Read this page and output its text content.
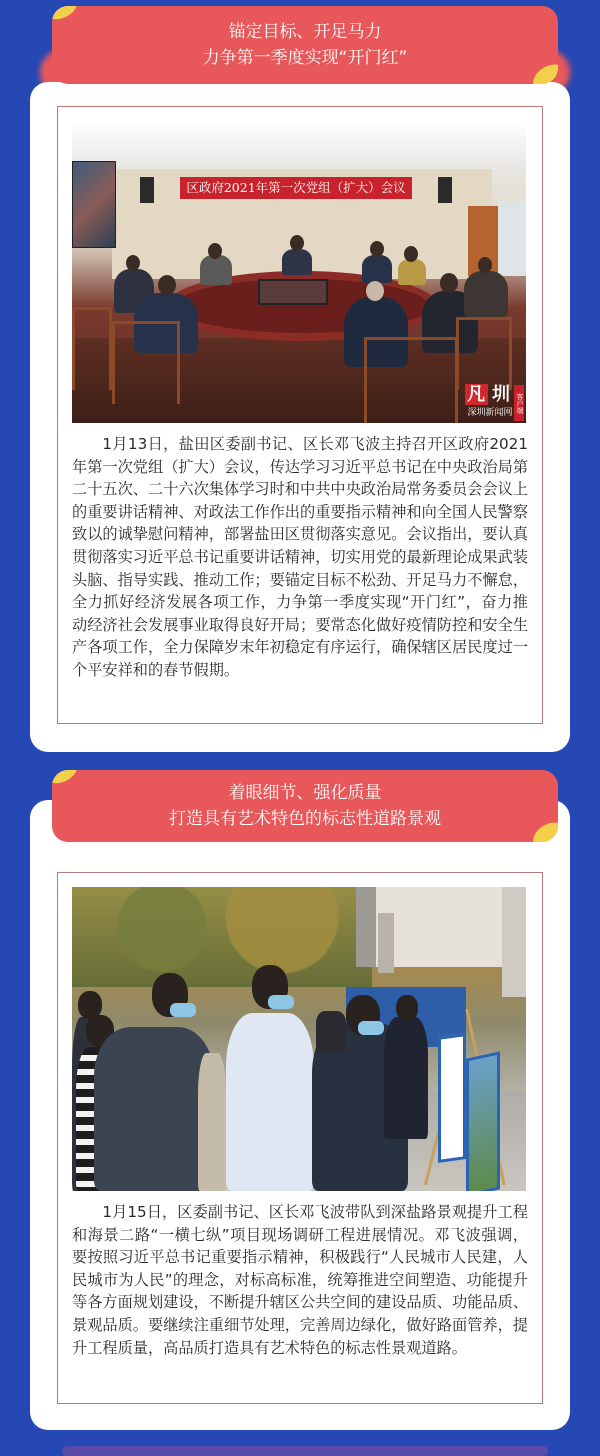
区政府2021年第一次党组（扩大）会议
凡 圳
深圳新闻网 客户端

1月13日，盐田区委副书记、区长邓飞波主持召开区政府2021年第一次党组（扩大）会议，传达学习习近平总书记在中央政治局第二十五次、二十六次集体学习时和中共中央政治局常务委员会会议上的重要讲话精神、对政法工作作出的重要指示精神和向全国人民警察致以的诚挚慰问精神，部署盐田区贯彻落实意见。会议指出，要认真贯彻落实习近平总书记重要讲话精神，切实用党的最新理论成果武装头脑、指导实践、推动工作；要锚定目标不松劲、开足马力不懈怠，全力抓好经济发展各项工作，力争第一季度实现“开门红”，奋力推动经济社会发展事业取得良好开局；要常态化做好疫情防控和安全生产各项工作，全力保障岁末年初稳定有序运行，确保辖区居民度过一个平安祥和的春节假期。

锚定目标、开足马力
力争第一季度实现“开门红”

1月15日，区委副书记、区长邓飞波带队到深盐路景观提升工程和海景二路“一横七纵”项目现场调研工程进展情况。邓飞波强调，要按照习近平总书记重要指示精神，积极践行“人民城市人民建，人民城市为人民”的理念，对标高标准，统筹推进空间塑造、功能提升等各方面规划建设，不断提升辖区公共空间的建设品质、功能品质、景观品质。要继续注重细节处理，完善周边绿化，做好路面管养，提升工程质量，高品质打造具有艺术特色的标志性景观道路。

着眼细节、强化质量
打造具有艺术特色的标志性道路景观
